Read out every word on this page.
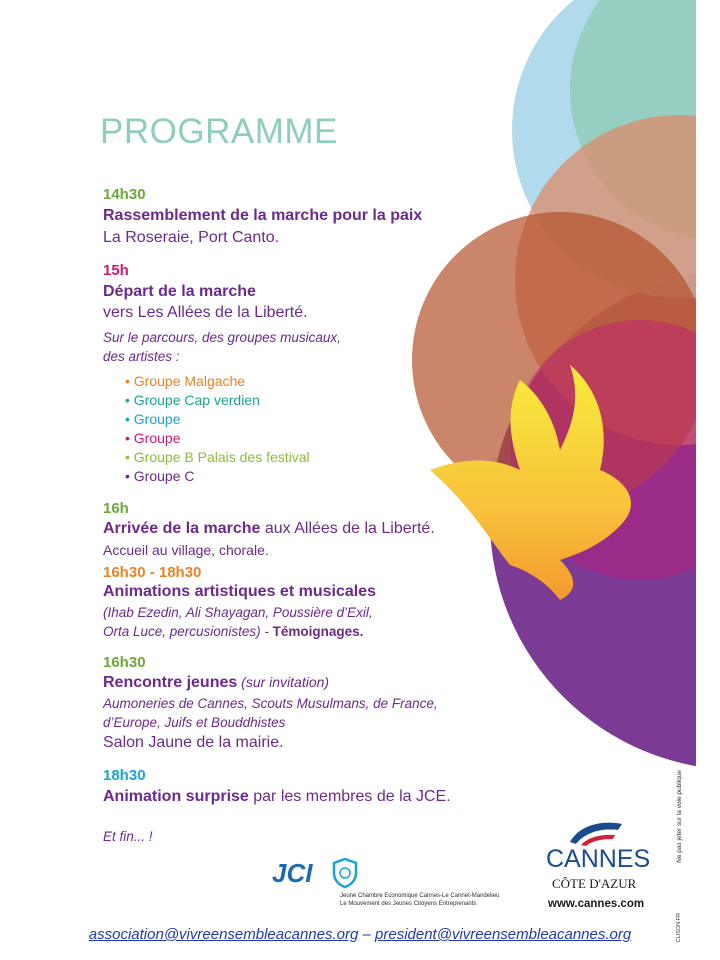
PROGRAMME
14h30
Rassemblement de la marche pour la paix
La Roseraie, Port Canto.
15h
Départ de la marche
vers Les Allées de la Liberté.
Sur le parcours, des groupes musicaux,
des artistes :
• Groupe Malgache
• Groupe Cap verdien
• Groupe
• Groupe
• Groupe B Palais des festival
• Groupe C
16h
Arrivée de la marche aux Allées de la Liberté.
Accueil au village, chorale.
16h30 - 18h30
Animations artistiques et musicales
(Ihab Ezedin, Ali Shayagan, Poussière d’Exil,
Orta Luce, percusionistes) - Témoignages.
16h30
Rencontre jeunes (sur invitation)
Aumoneries de Cannes, Scouts Musulmans, de France,
d’Europe, Juifs et Bouddhistes
Salon Jaune de la mairie.
18h30
Animation surprise par les membres de la JCE.
Et fin... !
JCI
Jeune Chambre Economique Cannes-Le Cannet-Mandelieu
Le Mouvement des Jeunes Citoyens Entreprenants
CANNES
CÔTE D'AZUR
www.cannes.com
Ne pas jeter sur la voie publique
CLISON.FR
association@vivreensembleacannes.org – president@vivreensembleacannes.org
